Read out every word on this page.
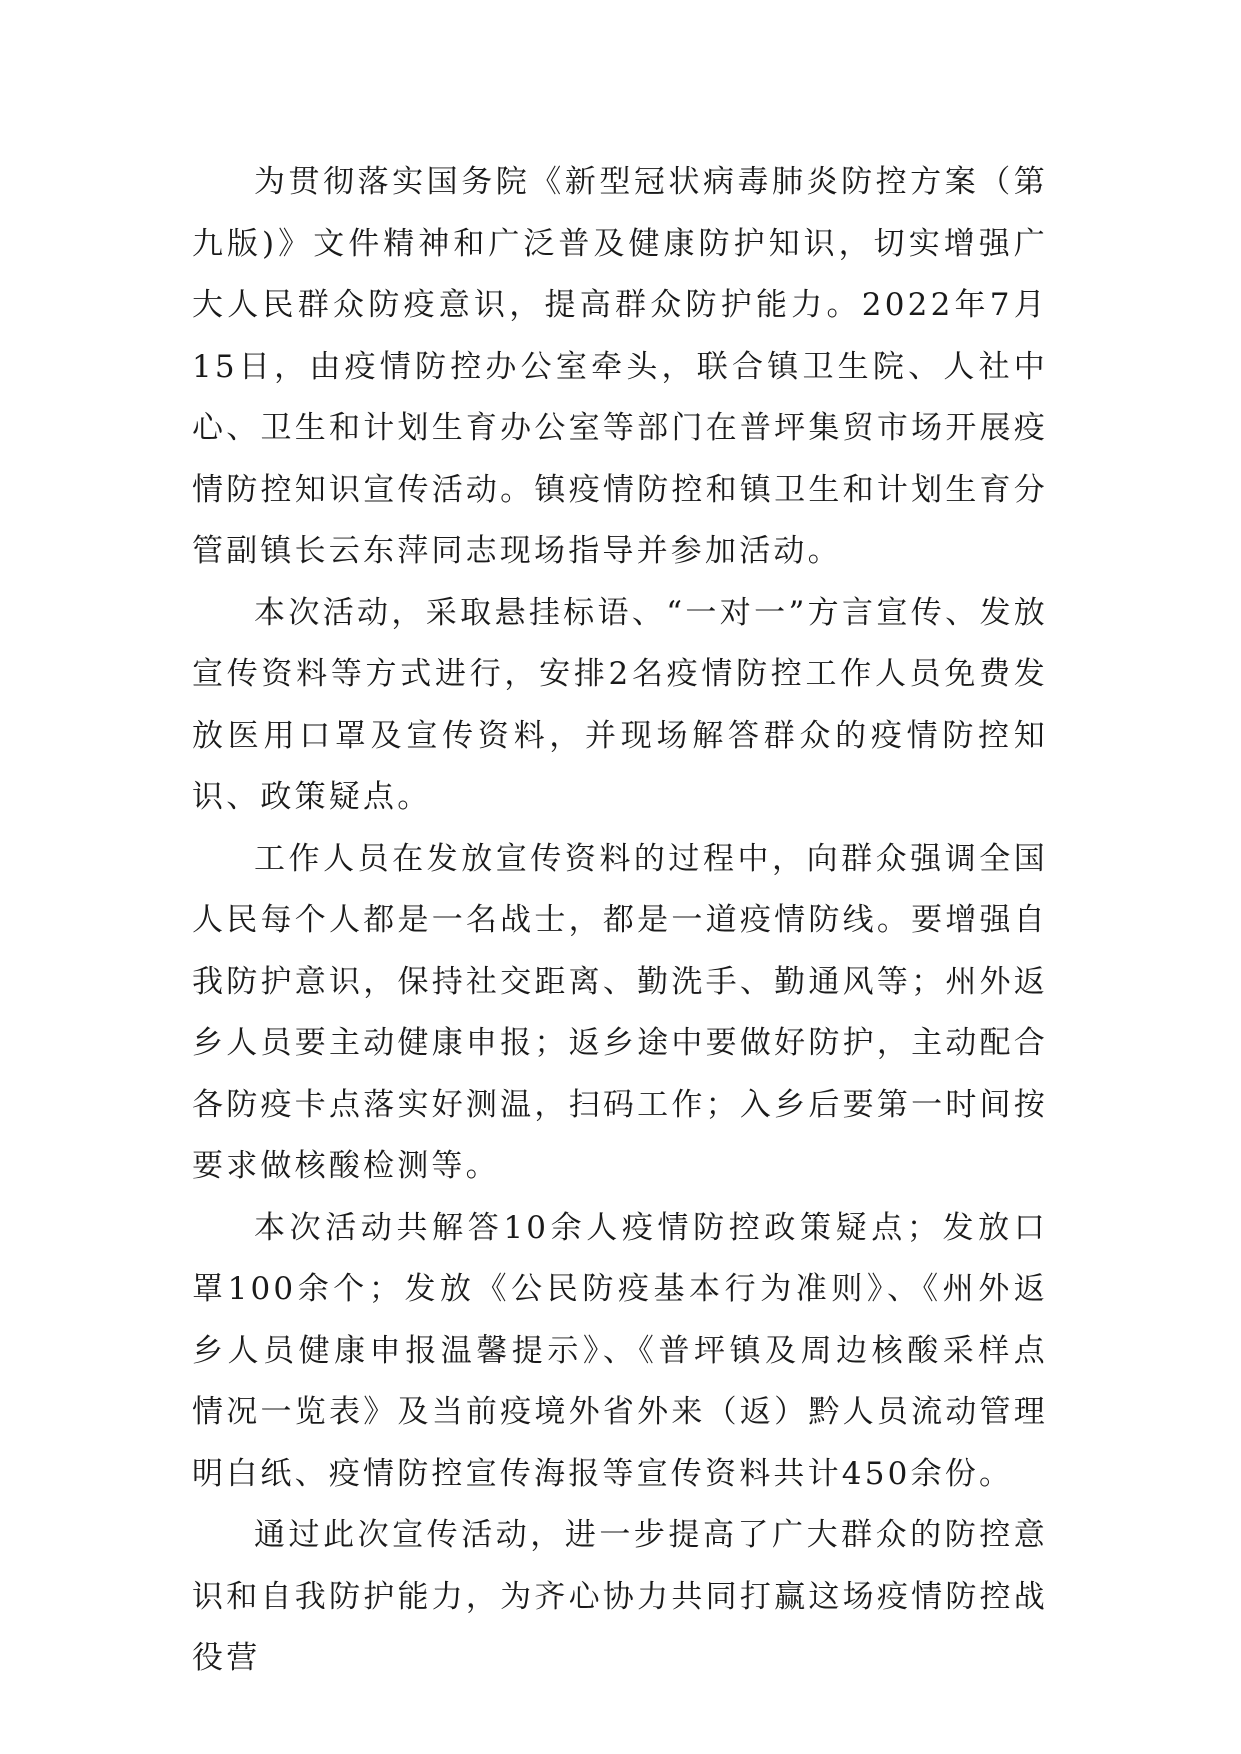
为贯彻落实国务院《新型冠状病毒肺炎防控方案（第九版)》文件精神和广泛普及健康防护知识，切实增强广大人民群众防疫意识，提高群众防护能力。2022年7月15日，由疫情防控办公室牵头，联合镇卫生院、人社中心、卫生和计划生育办公室等部门在普坪集贸市场开展疫情防控知识宣传活动。镇疫情防控和镇卫生和计划生育分管副镇长云东萍同志现场指导并参加活动。

本次活动，采取悬挂标语、“一对一”方言宣传、发放宣传资料等方式进行，安排2名疫情防控工作人员免费发放医用口罩及宣传资料，并现场解答群众的疫情防控知识、政策疑点。

工作人员在发放宣传资料的过程中，向群众强调全国人民每个人都是一名战士，都是一道疫情防线。要增强自我防护意识，保持社交距离、勤洗手、勤通风等；州外返乡人员要主动健康申报；返乡途中要做好防护，主动配合各防疫卡点落实好测温，扫码工作；入乡后要第一时间按要求做核酸检测等。

本次活动共解答10余人疫情防控政策疑点；发放口罩100余个；发放《公民防疫基本行为准则》、《州外返乡人员健康申报温馨提示》、《普坪镇及周边核酸采样点情况一览表》及当前疫境外省外来（返）黔人员流动管理明白纸、疫情防控宣传海报等宣传资料共计450余份。

通过此次宣传活动，进一步提高了广大群众的防控意识和自我防护能力，为齐心协力共同打赢这场疫情防控战役营
